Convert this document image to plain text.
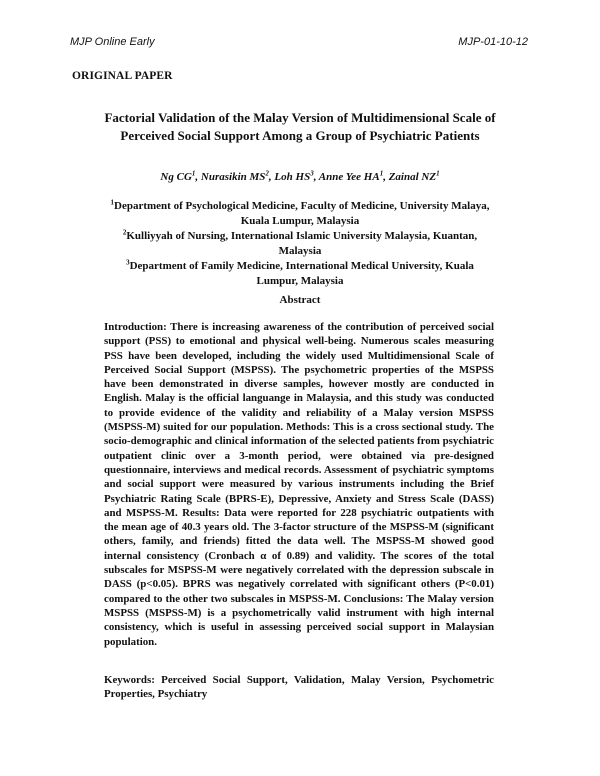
MJP Online Early	MJP-01-10-12
ORIGINAL PAPER
Factorial Validation of the Malay Version of Multidimensional Scale of Perceived Social Support Among a Group of Psychiatric Patients
Ng $CG^1$, Nurasikin $MS^2$, Loh $HS^3$, Anne Yee $HA^1$, Zainal $NZ^1$
$^1$Department of Psychological Medicine, Faculty of Medicine, University Malaya, Kuala Lumpur, Malaysia
$^2$Kulliyyah of Nursing, International Islamic University Malaysia, Kuantan, Malaysia
$^3$Department of Family Medicine, International Medical University, Kuala Lumpur, Malaysia
Abstract
Introduction: There is increasing awareness of the contribution of perceived social support (PSS) to emotional and physical well-being. Numerous scales measuring PSS have been developed, including the widely used Multidimensional Scale of Perceived Social Support (MSPSS). The psychometric properties of the MSPSS have been demonstrated in diverse samples, however mostly are conducted in English. Malay is the official languange in Malaysia, and this study was conducted to provide evidence of the validity and reliability of a Malay version MSPSS (MSPSS-M) suited for our population. Methods: This is a cross sectional study. The socio-demographic and clinical information of the selected patients from psychiatric outpatient clinic over a 3-month period, were obtained via pre-designed questionnaire, interviews and medical records. Assessment of psychiatric symptoms and social support were measured by various instruments including the Brief Psychiatric Rating Scale (BPRS-E), Depressive, Anxiety and Stress Scale (DASS) and MSPSS-M. Results: Data were reported for 228 psychiatric outpatients with the mean age of 40.3 years old. The 3-factor structure of the MSPSS-M (significant others, family, and friends) fitted the data well. The MSPSS-M showed good internal consistency (Cronbach α of 0.89) and validity. The scores of the total subscales for MSPSS-M were negatively correlated with the depression subscale in DASS (p<0.05). BPRS was negatively correlated with significant others (P<0.01) compared to the other two subscales in MSPSS-M. Conclusions: The Malay version MSPSS (MSPSS-M) is a psychometrically valid instrument with high internal consistency, which is useful in assessing perceived social support in Malaysian population.
Keywords: Perceived Social Support, Validation, Malay Version, Psychometric Properties, Psychiatry
